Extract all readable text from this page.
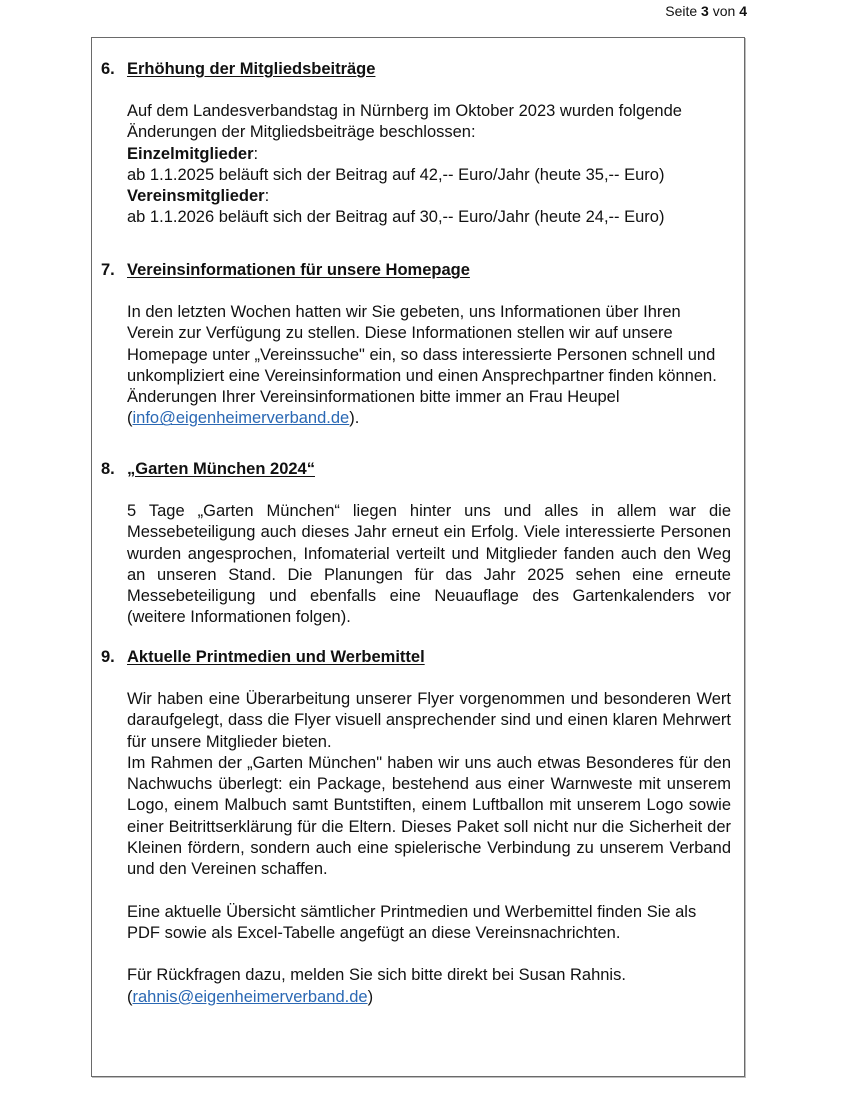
Seite 3 von 4
6. Erhöhung der Mitgliedsbeiträge

Auf dem Landesverbandstag in Nürnberg im Oktober 2023 wurden folgende Änderungen der Mitgliedsbeiträge beschlossen:

Einzelmitglieder:

ab 1.1.2025 beläuft sich der Beitrag auf 42,-- Euro/Jahr (heute 35,-- Euro)

Vereinsmitglieder:

ab 1.1.2026 beläuft sich der Beitrag auf 30,-- Euro/Jahr (heute 24,-- Euro)

7. Vereinsinformationen für unsere Homepage

In den letzten Wochen hatten wir Sie gebeten, uns Informationen über Ihren Verein zur Verfügung zu stellen. Diese Informationen stellen wir auf unsere Homepage unter „Vereinssuche" ein, so dass interessierte Personen schnell und unkompliziert eine Vereinsinformation und einen Ansprechpartner finden können. Änderungen Ihrer Vereinsinformationen bitte immer an Frau Heupel

(info@eigenheimerverband.de).

8. „Garten München 2024“

5 Tage „Garten München“ liegen hinter uns und alles in allem war die Messebeteiligung auch dieses Jahr erneut ein Erfolg. Viele interessierte Personen wurden angesprochen, Infomaterial verteilt und Mitglieder fanden auch den Weg an unseren Stand. Die Planungen für das Jahr 2025 sehen eine erneute Messebeteiligung und ebenfalls eine Neuauflage des Gartenkalenders vor (weitere Informationen folgen).

9. Aktuelle Printmedien und Werbemittel

Wir haben eine Überarbeitung unserer Flyer vorgenommen und besonderen Wert daraufgelegt, dass die Flyer visuell ansprechender sind und einen klaren Mehrwert für unsere Mitglieder bieten.

Im Rahmen der „Garten München" haben wir uns auch etwas Besonderes für den Nachwuchs überlegt: ein Package, bestehend aus einer Warnweste mit unserem Logo, einem Malbuch samt Buntstiften, einem Luftballon mit unserem Logo sowie einer Beitrittserklärung für die Eltern. Dieses Paket soll nicht nur die Sicherheit der Kleinen fördern, sondern auch eine spielerische Verbindung zu unserem Verband und den Vereinen schaffen.

Eine aktuelle Übersicht sämtlicher Printmedien und Werbemittel finden Sie als PDF sowie als Excel-Tabelle angefügt an diese Vereinsnachrichten.

Für Rückfragen dazu, melden Sie sich bitte direkt bei Susan Rahnis.

(rahnis@eigenheimerverband.de)
